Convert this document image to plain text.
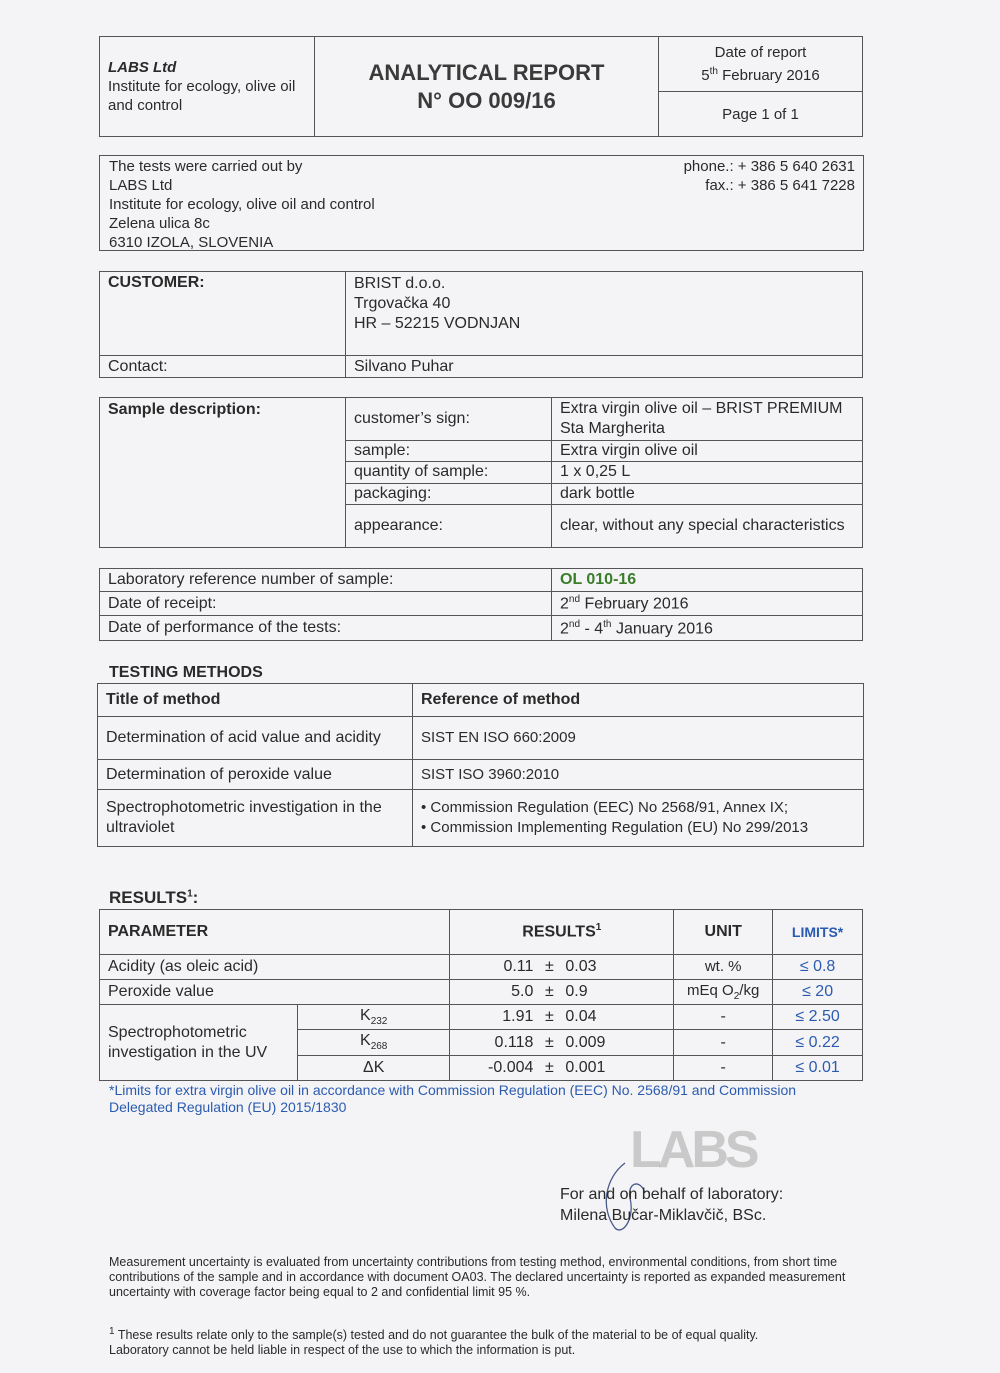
LABS Ltd
Institute for ecology, olive oil and control

ANALYTICAL REPORT
N° OO 009/16

Date of report
5th February 2016

Page 1 of 1
The tests were carried out by
LABS Ltd
Institute for ecology, olive oil and control
Zelena ulica 8c
6310 IZOLA, SLOVENIA
phone.: + 386 5 640 2631
fax.: + 386 5 641 7228
CUSTOMER:	BRIST d.o.o.
Trgovačka 40
HR – 52215 VODNJAN

Contact:	Silvano Puhar
Sample description:	customer’s sign:	Extra virgin olive oil – BRIST PREMIUM Sta Margherita
	sample:	Extra virgin olive oil
	quantity of sample:	1 x 0,25 L
	packaging:	dark bottle
	appearance:	clear, without any special characteristics
Laboratory reference number of sample:	OL 010-16
Date of receipt:	2nd February 2016
Date of performance of the tests:	2nd - 4th January 2016
TESTING METHODS
Title of method	Reference of method
Determination of acid value and acidity	SIST EN ISO 660:2009
Determination of peroxide value	SIST ISO 3960:2010
Spectrophotometric investigation in the ultraviolet	• Commission Regulation (EEC) No 2568/91, Annex IX;
• Commission Implementing Regulation (EU) No 299/2013
RESULTS$^1$:
PARAMETER		RESULTS$^1$			UNIT	LIMITS*
Acidity (as oleic acid)		0.11	±	0.03	wt. %	≤ 0.8
Peroxide value		5.0	±	0.9	mEq $O_2/kg$	≤ 20
Spectrophotometric investigation in the UV	$K_{232}$	1.91	±	0.04	-	≤ 2.50
	$K_{268}$	0.118	±	0.009	-	≤ 0.22
	ΔK	-0.004	±	0.001	-	≤ 0.01
*Limits for extra virgin olive oil in accordance with Commission Regulation (EEC) No. 2568/91 and Commission Delegated Regulation (EU) 2015/1830
LABS
For and on behalf of laboratory:
Milena Bučar-Miklavčič, BSc.
Measurement uncertainty is evaluated from uncertainty contributions from testing method, environmental conditions, from short time contributions of the sample and in accordance with document OA03. The declared uncertainty is reported as expanded measurement uncertainty with coverage factor being equal to 2 and confidential limit 95 %.
$^1$ These results relate only to the sample(s) tested and do not guarantee the bulk of the material to be of equal quality. Laboratory cannot be held liable in respect of the use to which the information is put.
